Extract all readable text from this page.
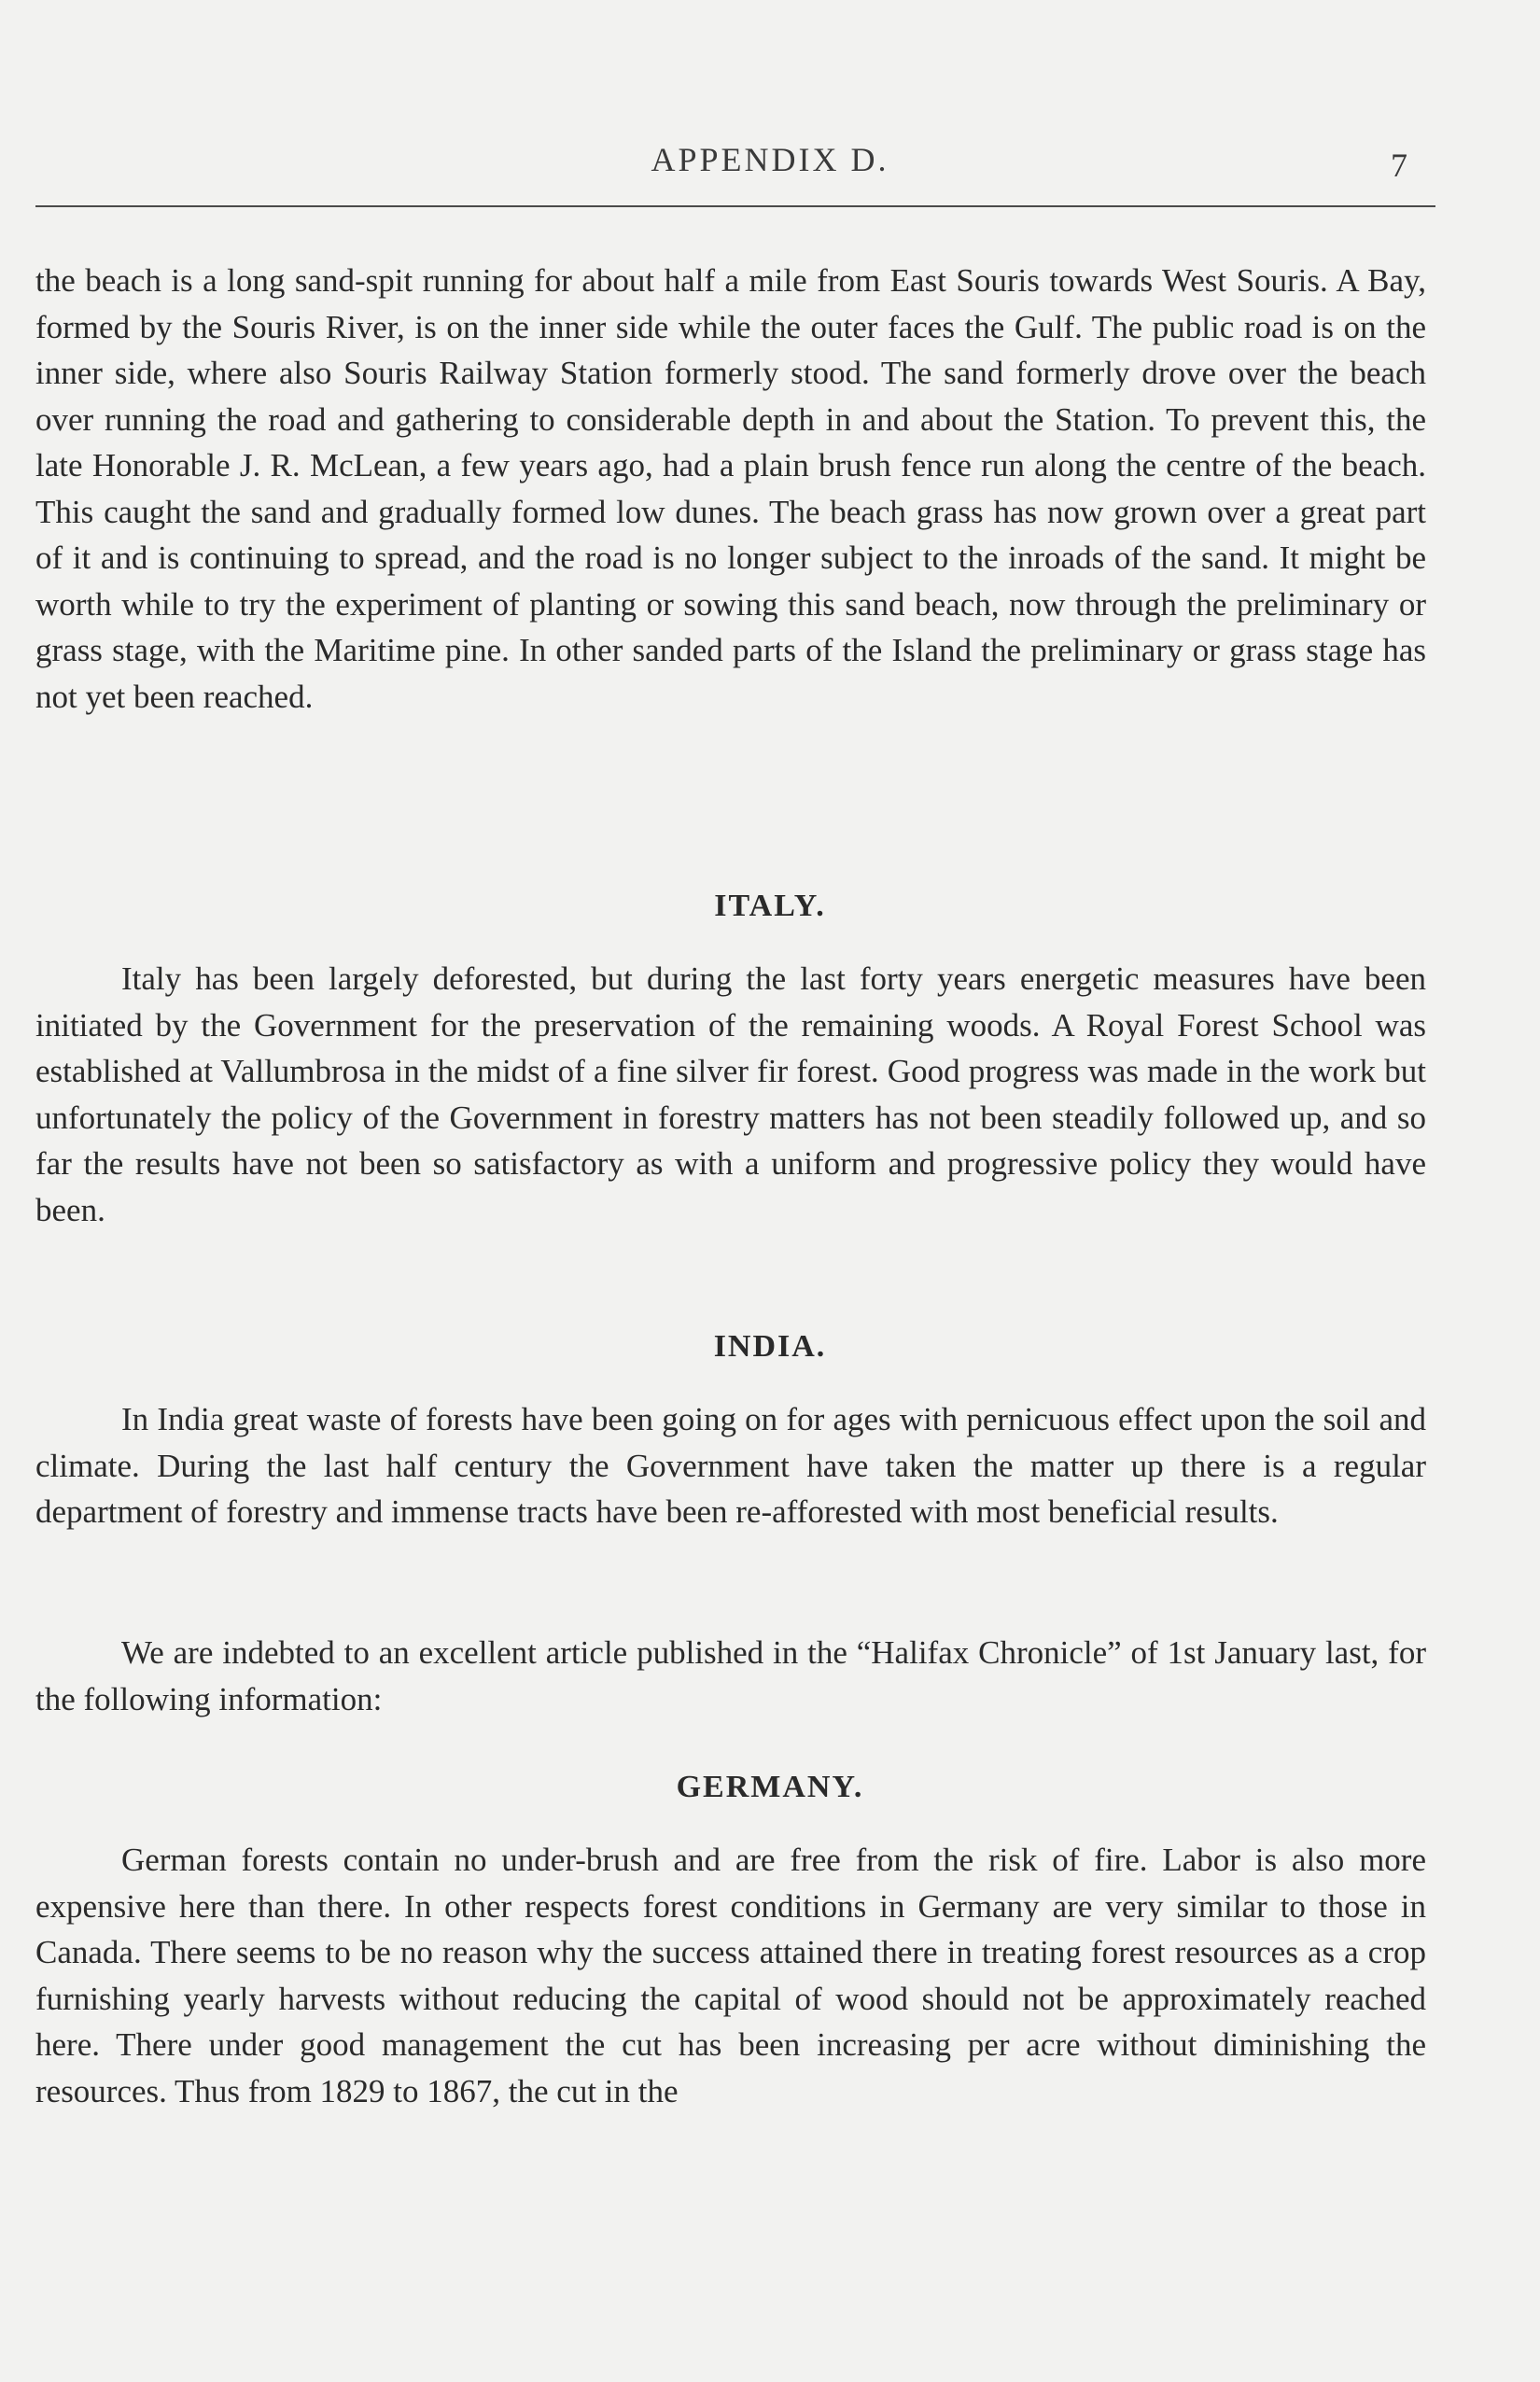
APPENDIX D.	7

the beach is a long sand-spit running for about half a mile from East Souris towards West Souris. A Bay, formed by the Souris River, is on the inner side while the outer faces the Gulf. The public road is on the inner side, where also Souris Railway Station formerly stood. The sand formerly drove over the beach over running the road and gathering to considerable depth in and about the Station. To prevent this, the late Honorable J. R. McLean, a few years ago, had a plain brush fence run along the centre of the beach. This caught the sand and gradually formed low dunes. The beach grass has now grown over a great part of it and is continuing to spread, and the road is no longer subject to the inroads of the sand. It might be worth while to try the experiment of planting or sowing this sand beach, now through the preliminary or grass stage, with the Maritime pine. In other sanded parts of the Island the preliminary or grass stage has not yet been reached.

ITALY.

Italy has been largely deforested, but during the last forty years energetic measures have been initiated by the Government for the preservation of the remaining woods. A Royal Forest School was established at Vallumbrosa in the midst of a fine silver fir forest. Good progress was made in the work but unfortunately the policy of the Government in forestry matters has not been steadily followed up, and so far the results have not been so satisfactory as with a uniform and progressive policy they would have been.

INDIA.

In India great waste of forests have been going on for ages with pernicuous effect upon the soil and climate. During the last half century the Government have taken the matter up there is a regular department of forestry and immense tracts have been re-afforested with most beneficial results.

We are indebted to an excellent article published in the “Halifax Chronicle” of 1st January last, for the following information:

GERMANY.

German forests contain no under-brush and are free from the risk of fire. Labor is also more expensive here than there. In other respects forest conditions in Germany are very similar to those in Canada. There seems to be no reason why the success attained there in treating forest resources as a crop furnishing yearly harvests without reducing the capital of wood should not be approximately reached here. There under good management the cut has been increasing per acre without diminishing the resources. Thus from 1829 to 1867, the cut in the
